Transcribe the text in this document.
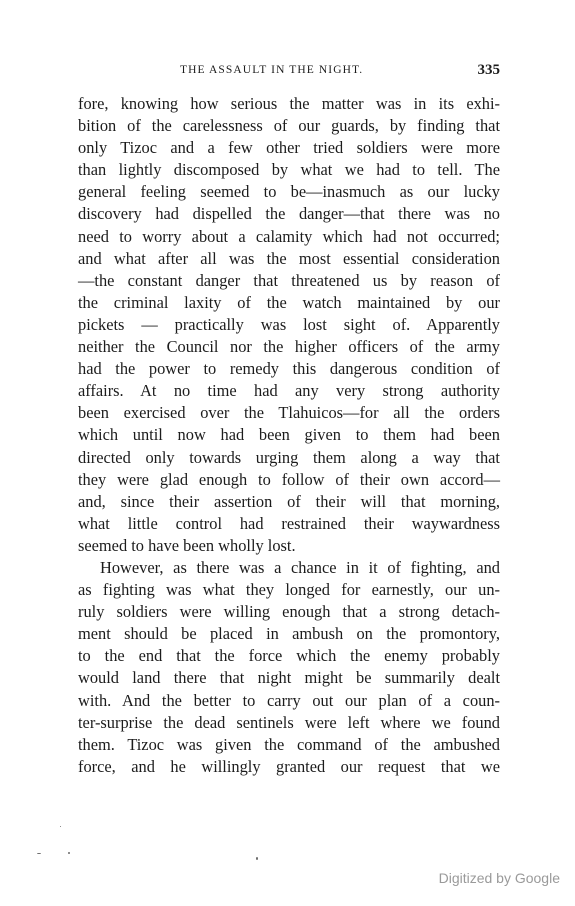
THE ASSAULT IN THE NIGHT.	335
fore, knowing how serious the matter was in its exhi-
bition of the carelessness of our guards, by finding that
only Tizoc and a few other tried soldiers were more
than lightly discomposed by what we had to tell. The
general feeling seemed to be—inasmuch as our lucky
discovery had dispelled the danger—that there was no
need to worry about a calamity which had not occurred;
and what after all was the most essential consideration
—the constant danger that threatened us by reason of
the criminal laxity of the watch maintained by our
pickets — practically was lost sight of. Apparently
neither the Council nor the higher officers of the army
had the power to remedy this dangerous condition of
affairs. At no time had any very strong authority
been exercised over the Tlahuicos—for all the orders
which until now had been given to them had been
directed only towards urging them along a way that
they were glad enough to follow of their own accord—
and, since their assertion of their will that morning,
what little control had restrained their waywardness
seemed to have been wholly lost.
However, as there was a chance in it of fighting, and
as fighting was what they longed for earnestly, our un-
ruly soldiers were willing enough that a strong detach-
ment should be placed in ambush on the promontory,
to the end that the force which the enemy probably
would land there that night might be summarily dealt
with. And the better to carry out our plan of a coun-
ter-surprise the dead sentinels were left where we found
them. Tizoc was given the command of the ambushed
force, and he willingly granted our request that we
Digitized by Google
